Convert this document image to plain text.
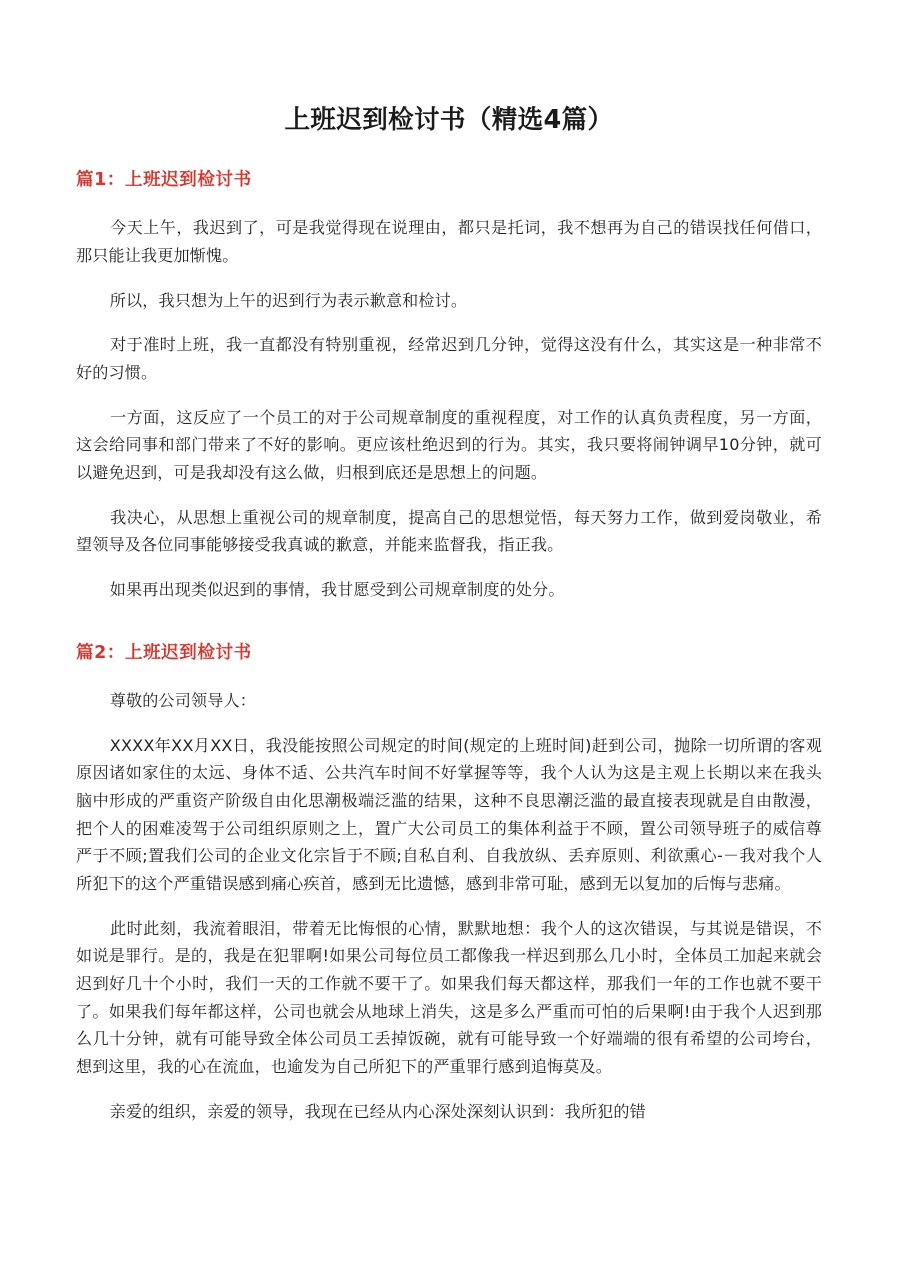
上班迟到检讨书（精选4篇）
篇1：上班迟到检讨书

今天上午，我迟到了，可是我觉得现在说理由，都只是托词，我不想再为自己的错误找任何借口，那只能让我更加惭愧。

所以，我只想为上午的迟到行为表示歉意和检讨。

对于准时上班，我一直都没有特别重视，经常迟到几分钟，觉得这没有什么，其实这是一种非常不好的习惯。

一方面，这反应了一个员工的对于公司规章制度的重视程度，对工作的认真负责程度，另一方面，这会给同事和部门带来了不好的影响。更应该杜绝迟到的行为。其实，我只要将闹钟调早10分钟，就可以避免迟到，可是我却没有这么做，归根到底还是思想上的问题。

我决心，从思想上重视公司的规章制度，提高自己的思想觉悟，每天努力工作，做到爱岗敬业，希望领导及各位同事能够接受我真诚的歉意，并能来监督我，指正我。

如果再出现类似迟到的事情，我甘愿受到公司规章制度的处分。

篇2：上班迟到检讨书

尊敬的公司领导人：

XXXX年XX月XX日，我没能按照公司规定的时间(规定的上班时间)赶到公司，抛除一切所谓的客观原因诸如家住的太远、身体不适、公共汽车时间不好掌握等等，我个人认为这是主观上长期以来在我头脑中形成的严重资产阶级自由化思潮极端泛滥的结果，这种不良思潮泛滥的最直接表现就是自由散漫，把个人的困难凌驾于公司组织原则之上，置广大公司员工的集体利益于不顾，置公司领导班子的威信尊严于不顾;置我们公司的企业文化宗旨于不顾;自私自利、自我放纵、丢弃原则、利欲熏心-－我对我个人所犯下的这个严重错误感到痛心疾首，感到无比遗憾，感到非常可耻，感到无以复加的后悔与悲痛。

此时此刻，我流着眼泪，带着无比悔恨的心情，默默地想：我个人的这次错误，与其说是错误，不如说是罪行。是的，我是在犯罪啊!如果公司每位员工都像我一样迟到那么几小时，全体员工加起来就会迟到好几十个小时，我们一天的工作就不要干了。如果我们每天都这样，那我们一年的工作也就不要干了。如果我们每年都这样，公司也就会从地球上消失，这是多么严重而可怕的后果啊!由于我个人迟到那么几十分钟，就有可能导致全体公司员工丢掉饭碗，就有可能导致一个好端端的很有希望的公司垮台，想到这里，我的心在流血，也逾发为自己所犯下的严重罪行感到追悔莫及。

亲爱的组织，亲爱的领导，我现在已经从内心深处深刻认识到：我所犯的错
